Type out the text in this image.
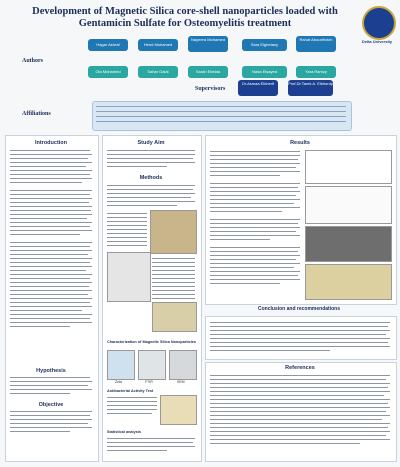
Development of Magnetic Silica core-shell nanoparticles loaded with Gentamicin Sulfate for Osteomyelitis treatment
Delta University
Authors
Hagar Ashraf	Hend Mohamed
Nayeera Mohamed
Sara Elghetany
Rahaf Abouelfotoh
Ola Mohamed	Sahar Gaiat	Sarah Ebeida	Nada Elsayed	Yara Ramzy
Supervisors
Dr.Asmaa Elkherif	Prof.Dr.Tarek A. Elkhordy
Affiliations
Introduction
Hypothesis
Objective
Study Aim
Methods
Characterization of Magnetic Silica Nanoparticles
Zeta	FTIR	SEM
Antibacterial Activity Test
Statistical analysis
Results
Conclusion and recommendations
References
